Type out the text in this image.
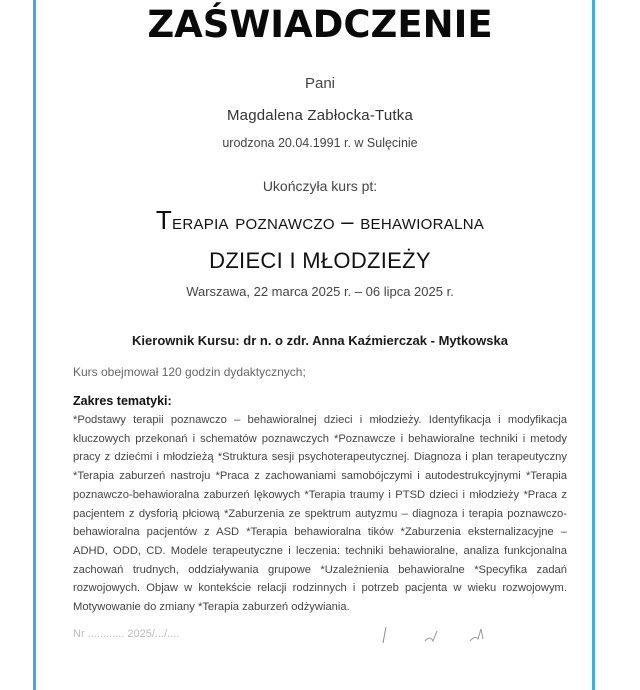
ZAŚWIADCZENIE
Pani
Magdalena Zabłocka-Tutka
urodzona 20.04.1991 r. w Sulęcinie
Ukończyła kurs pt:
Terapia poznawczo – behawioralna
DZIECI I MŁODZIEŻY
Warszawa, 22 marca 2025 r. – 06 lipca 2025 r.
Kierownik Kursu: dr n. o zdr. Anna Kaźmierczak - Mytkowska
Kurs obejmował 120 godzin dydaktycznych;
Zakres tematyki:
*Podstawy terapii poznawczo – behawioralnej dzieci i młodzieży. Identyfikacja i modyfikacja kluczowych przekonań i schematów poznawczych *Poznawcze i behawioralne techniki i metody pracy z dziećmi i młodzieżą *Struktura sesji psychoterapeutycznej. Diagnoza i plan terapeutyczny *Terapia zaburzeń nastroju *Praca z zachowaniami samobójczymi i autodestrukcyjnymi *Terapia poznawczo-behawioralna zaburzeń lękowych *Terapia traumy i PTSD dzieci i młodzieży *Praca z pacjentem z dysforią płciową *Zaburzenia ze spektrum autyzmu – diagnoza i terapia poznawczo-behawioralna pacjentów z ASD *Terapia behawioralna tików *Zaburzenia eksternalizacyjne – ADHD, ODD, CD. Modele terapeutyczne i leczenia: techniki behawioralne, analiza funkcjonalna zachowań trudnych, oddziaływania grupowe *Uzależnienia behawioralne *Specyfika zadań rozwojowych. Objaw w kontekście relacji rodzinnych i potrzeb pacjenta w wieku rozwojowym. Motywowanie do zmiany *Terapia zaburzeń odżywiania.
Nr ............ 2025/.../....
